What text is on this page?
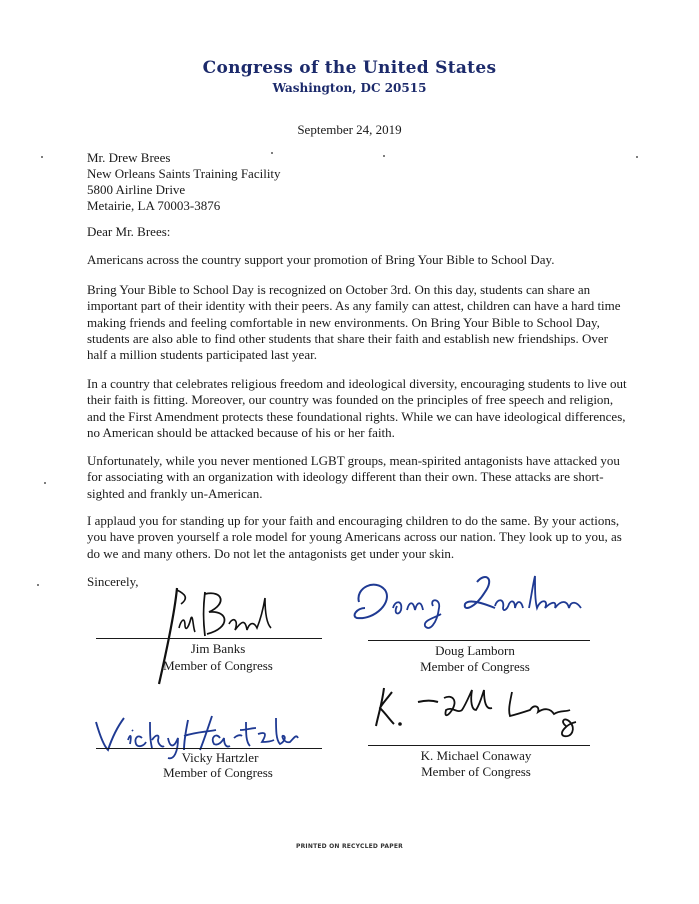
Congress of the United States
Washington, DC 20515
September 24, 2019
Mr. Drew Brees
New Orleans Saints Training Facility
5800 Airline Drive
Metairie, LA 70003-3876
Dear Mr. Brees:

Americans across the country support your promotion of Bring Your Bible to School Day.

Bring Your Bible to School Day is recognized on October 3rd. On this day, students can share an important part of their identity with their peers. As any family can attest, children can have a hard time making friends and feeling comfortable in new environments. On Bring Your Bible to School Day, students are also able to find other students that share their faith and establish new friendships. Over half a million students participated last year.

In a country that celebrates religious freedom and ideological diversity, encouraging students to live out their faith is fitting. Moreover, our country was founded on the principles of free speech and religion, and the First Amendment protects these foundational rights. While we can have ideological differences, no American should be attacked because of his or her faith.

Unfortunately, while you never mentioned LGBT groups, mean-spirited antagonists have attacked you for associating with an organization with ideology different than their own. These attacks are short-sighted and frankly un-American.

I applaud you for standing up for your faith and encouraging children to do the same. By your actions, you have proven yourself a role model for young Americans across our nation. They look up to you, as do we and many others. Do not let the antagonists get under your skin.

Sincerely,
Jim Banks
Member of Congress
Doug Lamborn
Member of Congress
K. Michael Conaway
Member of Congress
Vicky Hartzler
Member of Congress
PRINTED ON RECYCLED PAPER
